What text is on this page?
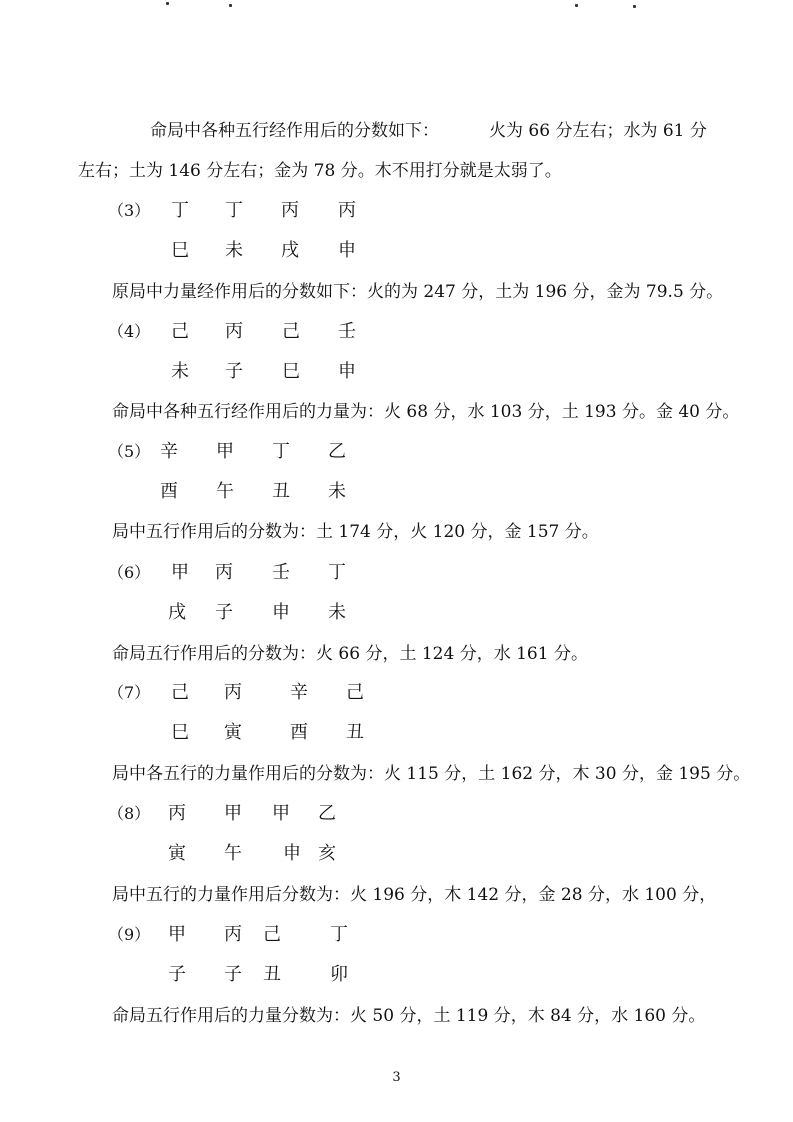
命局中各种五行经作用后的分数如下：	火为 66 分左右；水为 61 分
左右；土为 146 分左右；金为 78 分。木不用打分就是太弱了。
（3） 丁 丁 丙 丙
巳 未 戌 申
原局中力量经作用后的分数如下：火的为 247 分，土为 196 分，金为 79.5 分。
（4） 己 丙 己 壬
未 子 巳 申
命局中各种五行经作用后的力量为：火 68 分，水 103 分，土 193 分。金 40 分。
（5） 辛 甲 丁 乙
酉 午 丑 未
局中五行作用后的分数为：土 174 分，火 120 分，金 157 分。
（6） 甲 丙 壬 丁
戌 子 申 未
命局五行作用后的分数为：火 66 分，土 124 分，水 161 分。
（7） 己 丙	辛 己
巳 寅	酉 丑
局中各五行的力量作用后的分数为：火 115 分，土 162 分，木 30 分，金 195 分。
（8） 丙 甲 甲 乙
寅 午 申 亥
局中五行的力量作用后分数为：火 196 分，木 142 分，金 28 分，水 100 分，
（9） 甲 丙 己	丁
子 子 丑	卯
命局五行作用后的力量分数为：火 50 分，土 119 分，木 84 分，水 160 分。
3
